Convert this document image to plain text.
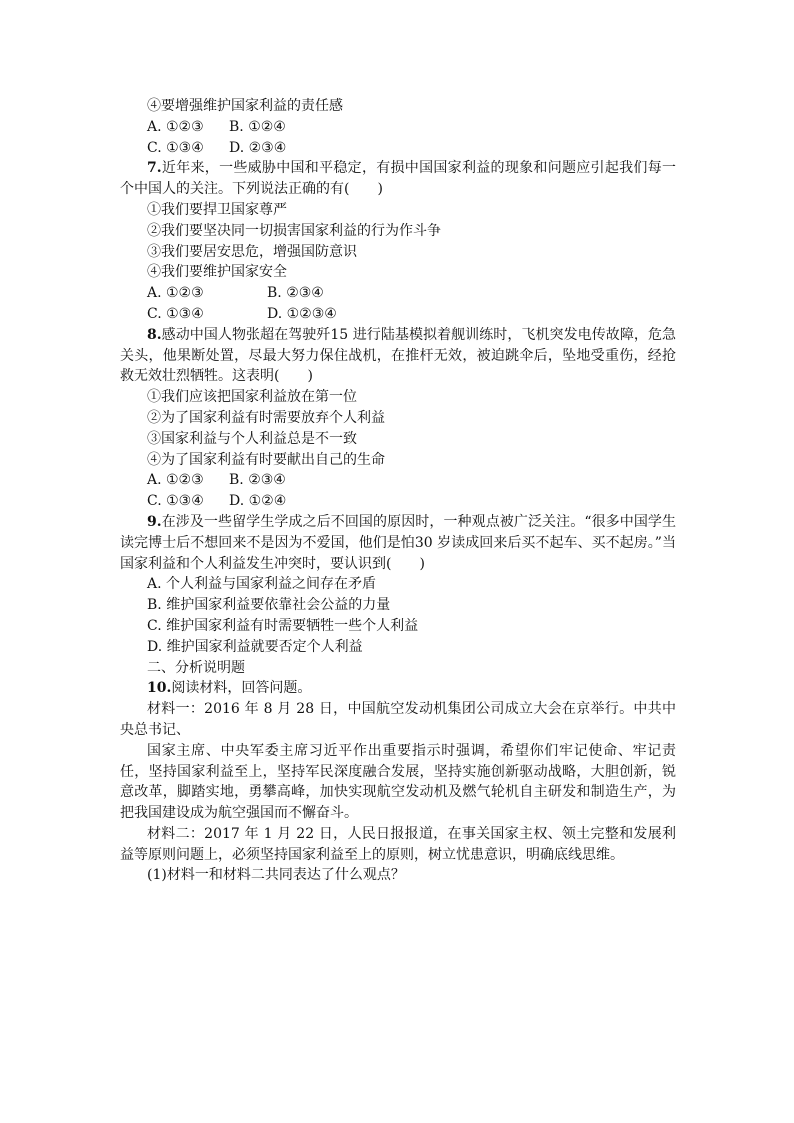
④要增强维护国家利益的责任感
A. ①②③	B. ①②④
C. ①③④	D. ②③④
7.近年来，一些威胁中国和平稳定，有损中国国家利益的现象和问题应引起我们每一个中国人的关注。下列说法正确的有(　　)
①我们要捍卫国家尊严
②我们要坚决同一切损害国家利益的行为作斗争
③我们要居安思危，增强国防意识
④我们要维护国家安全
A. ①②③	B. ②③④
C. ①③④	D. ①②③④
8.感动中国人物张超在驾驶歼15 进行陆基模拟着舰训练时，飞机突发电传故障，危急关头，他果断处置，尽最大努力保住战机，在推杆无效，被迫跳伞后，坠地受重伤，经抢救无效壮烈牺牲。这表明(　　)
①我们应该把国家利益放在第一位
②为了国家利益有时需要放弃个人利益
③国家利益与个人利益总是不一致
④为了国家利益有时要献出自己的生命
A. ①②③	B. ②③④
C. ①③④	D. ①②④
9.在涉及一些留学生学成之后不回国的原因时，一种观点被广泛关注。“很多中国学生读完博士后不想回来不是因为不爱国，他们是怕30 岁读成回来后买不起车、买不起房。”当国家利益和个人利益发生冲突时，要认识到(　　)
A. 个人利益与国家利益之间存在矛盾
B. 维护国家利益要依靠社会公益的力量
C. 维护国家利益有时需要牺牲一些个人利益
D. 维护国家利益就要否定个人利益
二、分析说明题
10.阅读材料，回答问题。
材料一：2016 年 8 月 28 日，中国航空发动机集团公司成立大会在京举行。中共中央总书记、
国家主席、中央军委主席习近平作出重要指示时强调，希望你们牢记使命、牢记责任，坚持国家利益至上，坚持军民深度融合发展，坚持实施创新驱动战略，大胆创新，锐意改革，脚踏实地，勇攀高峰，加快实现航空发动机及燃气轮机自主研发和制造生产，为把我国建设成为航空强国而不懈奋斗。
材料二：2017 年 1 月 22 日，人民日报报道，在事关国家主权、领土完整和发展利益等原则问题上，必须坚持国家利益至上的原则，树立忧患意识，明确底线思维。
(1)材料一和材料二共同表达了什么观点？
